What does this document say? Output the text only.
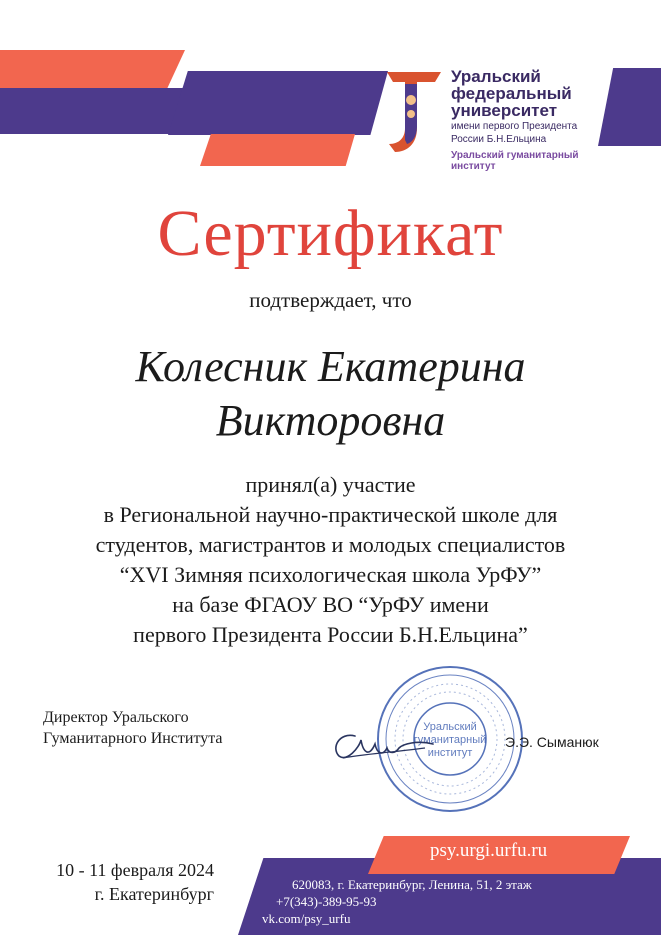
Уральский
федеральный
университет
имени первого Президента
России Б.Н.Ельцина
Уральский гуманитарный
институт
Сертификат
подтверждает, что
Колесник Екатерина
Викторовна
принял(а) участие
в Региональной научно-практической школе для
студентов, магистрантов и молодых специалистов
“XVI Зимняя психологическая школа УрФУ”
на базе ФГАОУ ВО “УрФУ имени
первого Президента России Б.Н.Ельцина”
Директор Уральского
Гуманитарного Института
Уральский
гуманитарный
институт
Э.Э. Сыманюк
10 - 11 февраля 2024
г. Екатеринбург
psy.urgi.urfu.ru
620083, г. Екатеринбург, Ленина, 51, 2 этаж
+7(343)-389-95-93
vk.com/psy_urfu
